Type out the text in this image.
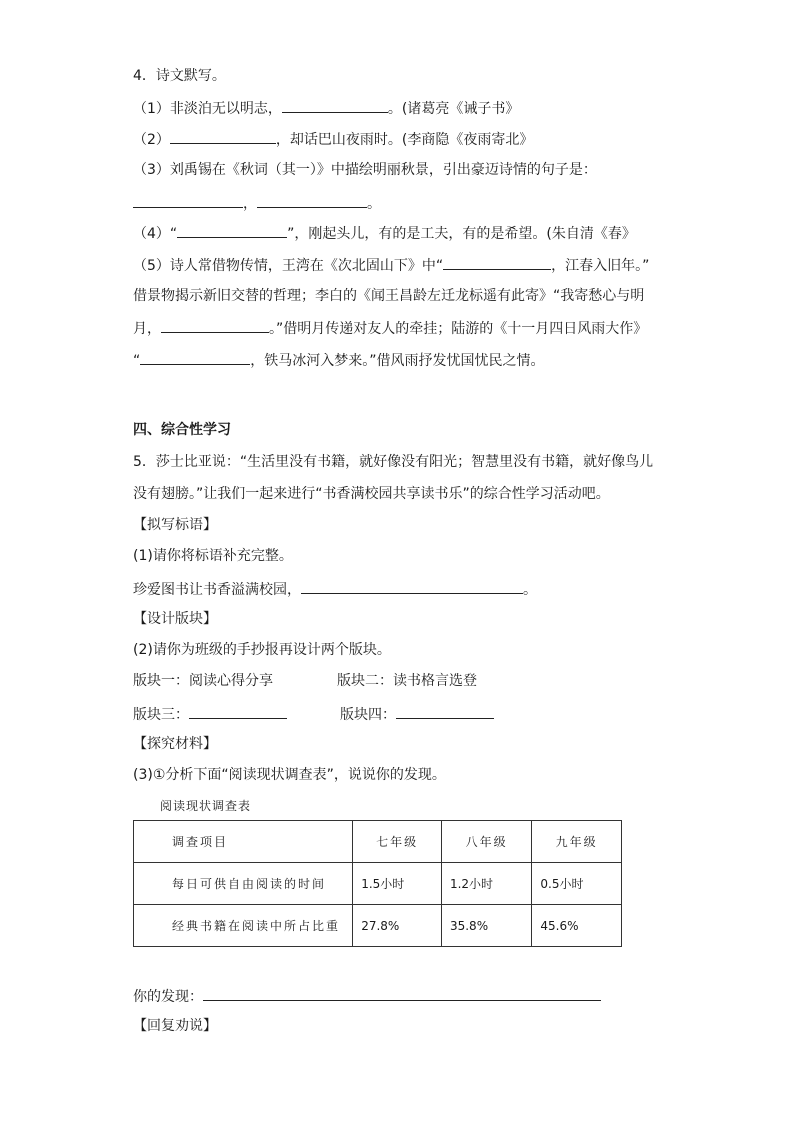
4．诗文默写。
（1）非淡泊无以明志，	。(诸葛亮《诫子书》
（2）	，却话巴山夜雨时。(李商隐《夜雨寄北》
（3）刘禹锡在《秋词（其一）》中描绘明丽秋景，引出豪迈诗情的句子是：
，	。
（4）“	”，刚起头儿，有的是工夫，有的是希望。(朱自清《春》
（5）诗人常借物传情，王湾在《次北固山下》中“	，江春入旧年。”
借景物揭示新旧交替的哲理；李白的《闻王昌龄左迁龙标遥有此寄》“我寄愁心与明
月，	。”借明月传递对友人的牵挂；陆游的《十一月四日风雨大作》
“	，铁马冰河入梦来。”借风雨抒发忧国忧民之情。
四、综合性学习
5．莎士比亚说：“生活里没有书籍，就好像没有阳光；智慧里没有书籍，就好像鸟儿
没有翅膀。”让我们一起来进行“书香满校园共享读书乐”的综合性学习活动吧。
【拟写标语】
(1)请你将标语补充完整。
珍爱图书让书香溢满校园，	。
【设计版块】
(2)请你为班级的手抄报再设计两个版块。
版块一：阅读心得分享	版块二：读书格言选登
版块三：	版块四：
【探究材料】
(3)①分析下面“阅读现状调查表”，说说你的发现。
阅读现状调查表
调查项目	七年级	八年级	九年级
每日可供自由阅读的时间	1.5小时	1.2小时	0.5小时
经典书籍在阅读中所占比重	27.8%	35.8%	45.6%
你的发现：
【回复劝说】
